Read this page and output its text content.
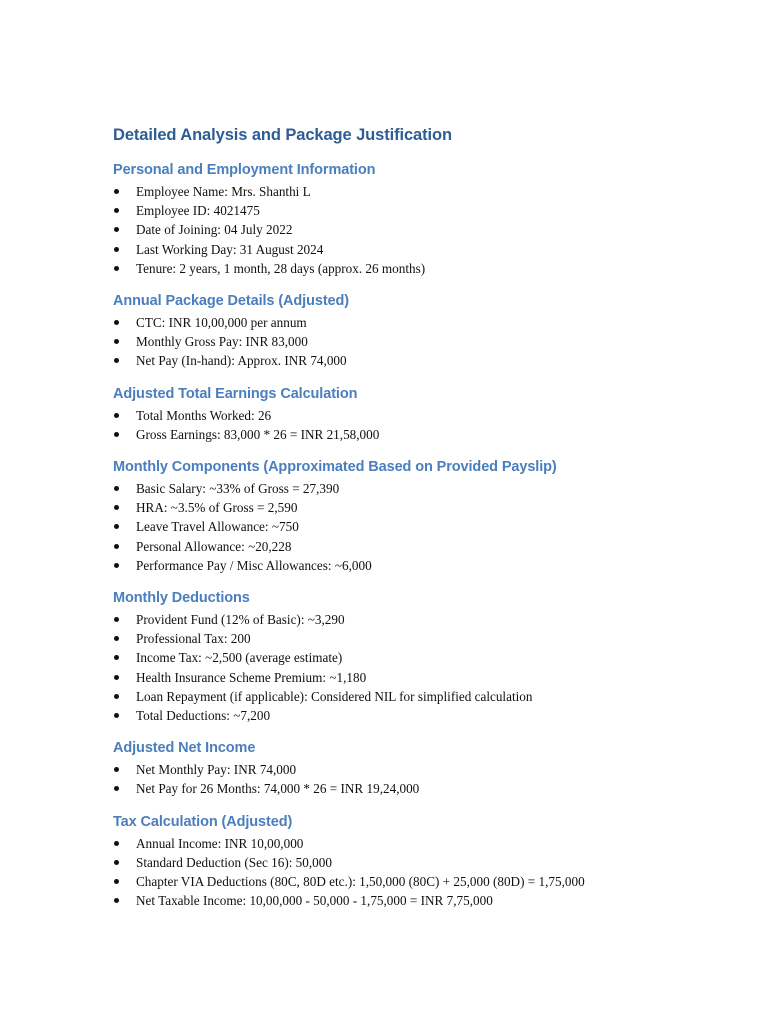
Detailed Analysis and Package Justification
Personal and Employment Information
Employee Name: Mrs. Shanthi L
Employee ID: 4021475
Date of Joining: 04 July 2022
Last Working Day: 31 August 2024
Tenure: 2 years, 1 month, 28 days (approx. 26 months)
Annual Package Details (Adjusted)
CTC: INR 10,00,000 per annum
Monthly Gross Pay: INR 83,000
Net Pay (In-hand): Approx. INR 74,000
Adjusted Total Earnings Calculation
Total Months Worked: 26
Gross Earnings: 83,000 * 26 = INR 21,58,000
Monthly Components (Approximated Based on Provided Payslip)
Basic Salary: ~33% of Gross = 27,390
HRA: ~3.5% of Gross = 2,590
Leave Travel Allowance: ~750
Personal Allowance: ~20,228
Performance Pay / Misc Allowances: ~6,000
Monthly Deductions
Provident Fund (12% of Basic): ~3,290
Professional Tax: 200
Income Tax: ~2,500 (average estimate)
Health Insurance Scheme Premium: ~1,180
Loan Repayment (if applicable): Considered NIL for simplified calculation
Total Deductions: ~7,200
Adjusted Net Income
Net Monthly Pay: INR 74,000
Net Pay for 26 Months: 74,000 * 26 = INR 19,24,000
Tax Calculation (Adjusted)
Annual Income: INR 10,00,000
Standard Deduction (Sec 16): 50,000
Chapter VIA Deductions (80C, 80D etc.): 1,50,000 (80C) + 25,000 (80D) = 1,75,000
Net Taxable Income: 10,00,000 - 50,000 - 1,75,000 = INR 7,75,000
